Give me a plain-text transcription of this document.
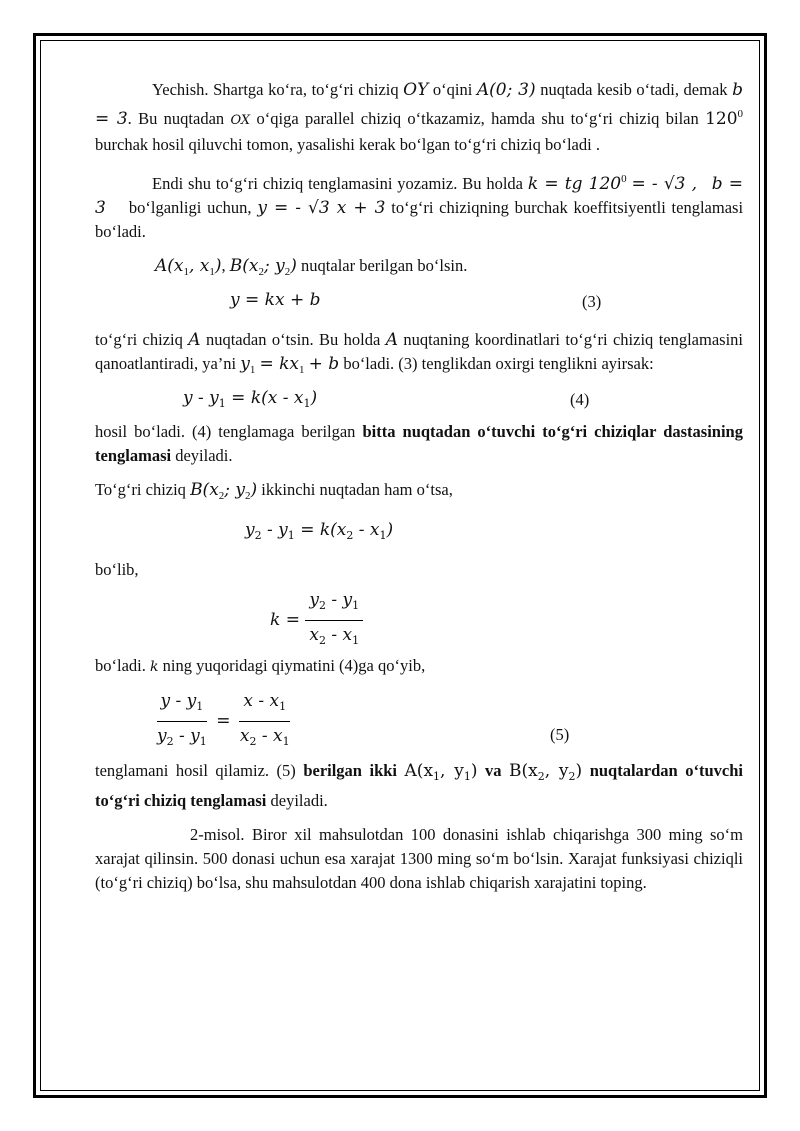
Yechish. Shartga ko‘ra, to‘g‘ri chiziq OY o‘qini A(0; 3) nuqtada kesib o‘tadi, demak b = 3. Bu nuqtadan OX o‘qiga parallel chiziq o‘tkazamiz, hamda shu to‘g‘ri chiziq bilan $120^0$ burchak hosil qiluvchi tomon, yasalishi kerak bo‘lgan to‘g‘ri chiziq bo‘ladi .

Endi shu to‘g‘ri chiziq tenglamasini yozamiz. Bu holda k = tg $120^0$ = - √3 , b = 3 bo‘lganligi uchun, y = - √3 x + 3 to‘g‘ri chiziqning burchak koeffitsiyentli tenglamasi bo‘ladi.

$A(x_1$, $x_1$), $B(x_2$; $y_2$) nuqtalar berilgan bo‘lsin.

y = kx + b	(3)

to‘g‘ri chiziq A nuqtadan o‘tsin. Bu holda A nuqtaning koordinatlari to‘g‘ri chiziq tenglamasini qanoatlantiradi, ya’ni $y_1 = kx_1 + b$ bo‘ladi. (3) tenglikdan oxirgi tenglikni ayirsak:

$y - y_1 = k(x - x_1)$	(4)

hosil bo‘ladi. (4) tenglamaga berilgan bitta nuqtadan o‘tuvchi to‘g‘ri chiziqlar dastasining tenglamasi deyiladi.

To‘g‘ri chiziq $B(x_2$; $y_2$) ikkinchi nuqtadan ham o‘tsa,

$y_2 - y_1 = k(x_2 - x_1)$

bo‘lib,

$k = \frac{y_2 - y_1}{x_2 - x_1}$

bo‘ladi. k ning yuqoridagi qiymatini (4)ga qo‘yib,

$\frac{y - y_1}{y_2 - y_1} = \frac{x - x_1}{x_2 - x_1}$	(5)

tenglamani hosil qilamiz. (5) berilgan ikki $A(x_1$, $y_1$) va $B(x_2$, $y_2$) nuqtalardan o‘tuvchi to‘g‘ri chiziq tenglamasi deyiladi.

2-misol. Biror xil mahsulotdan 100 donasini ishlab chiqarishga 300 ming so‘m xarajat qilinsin. 500 donasi uchun esa xarajat 1300 ming so‘m bo‘lsin. Xarajat funksiyasi chiziqli (to‘g‘ri chiziq) bo‘lsa, shu mahsulotdan 400 dona ishlab chiqarish xarajatini toping.
